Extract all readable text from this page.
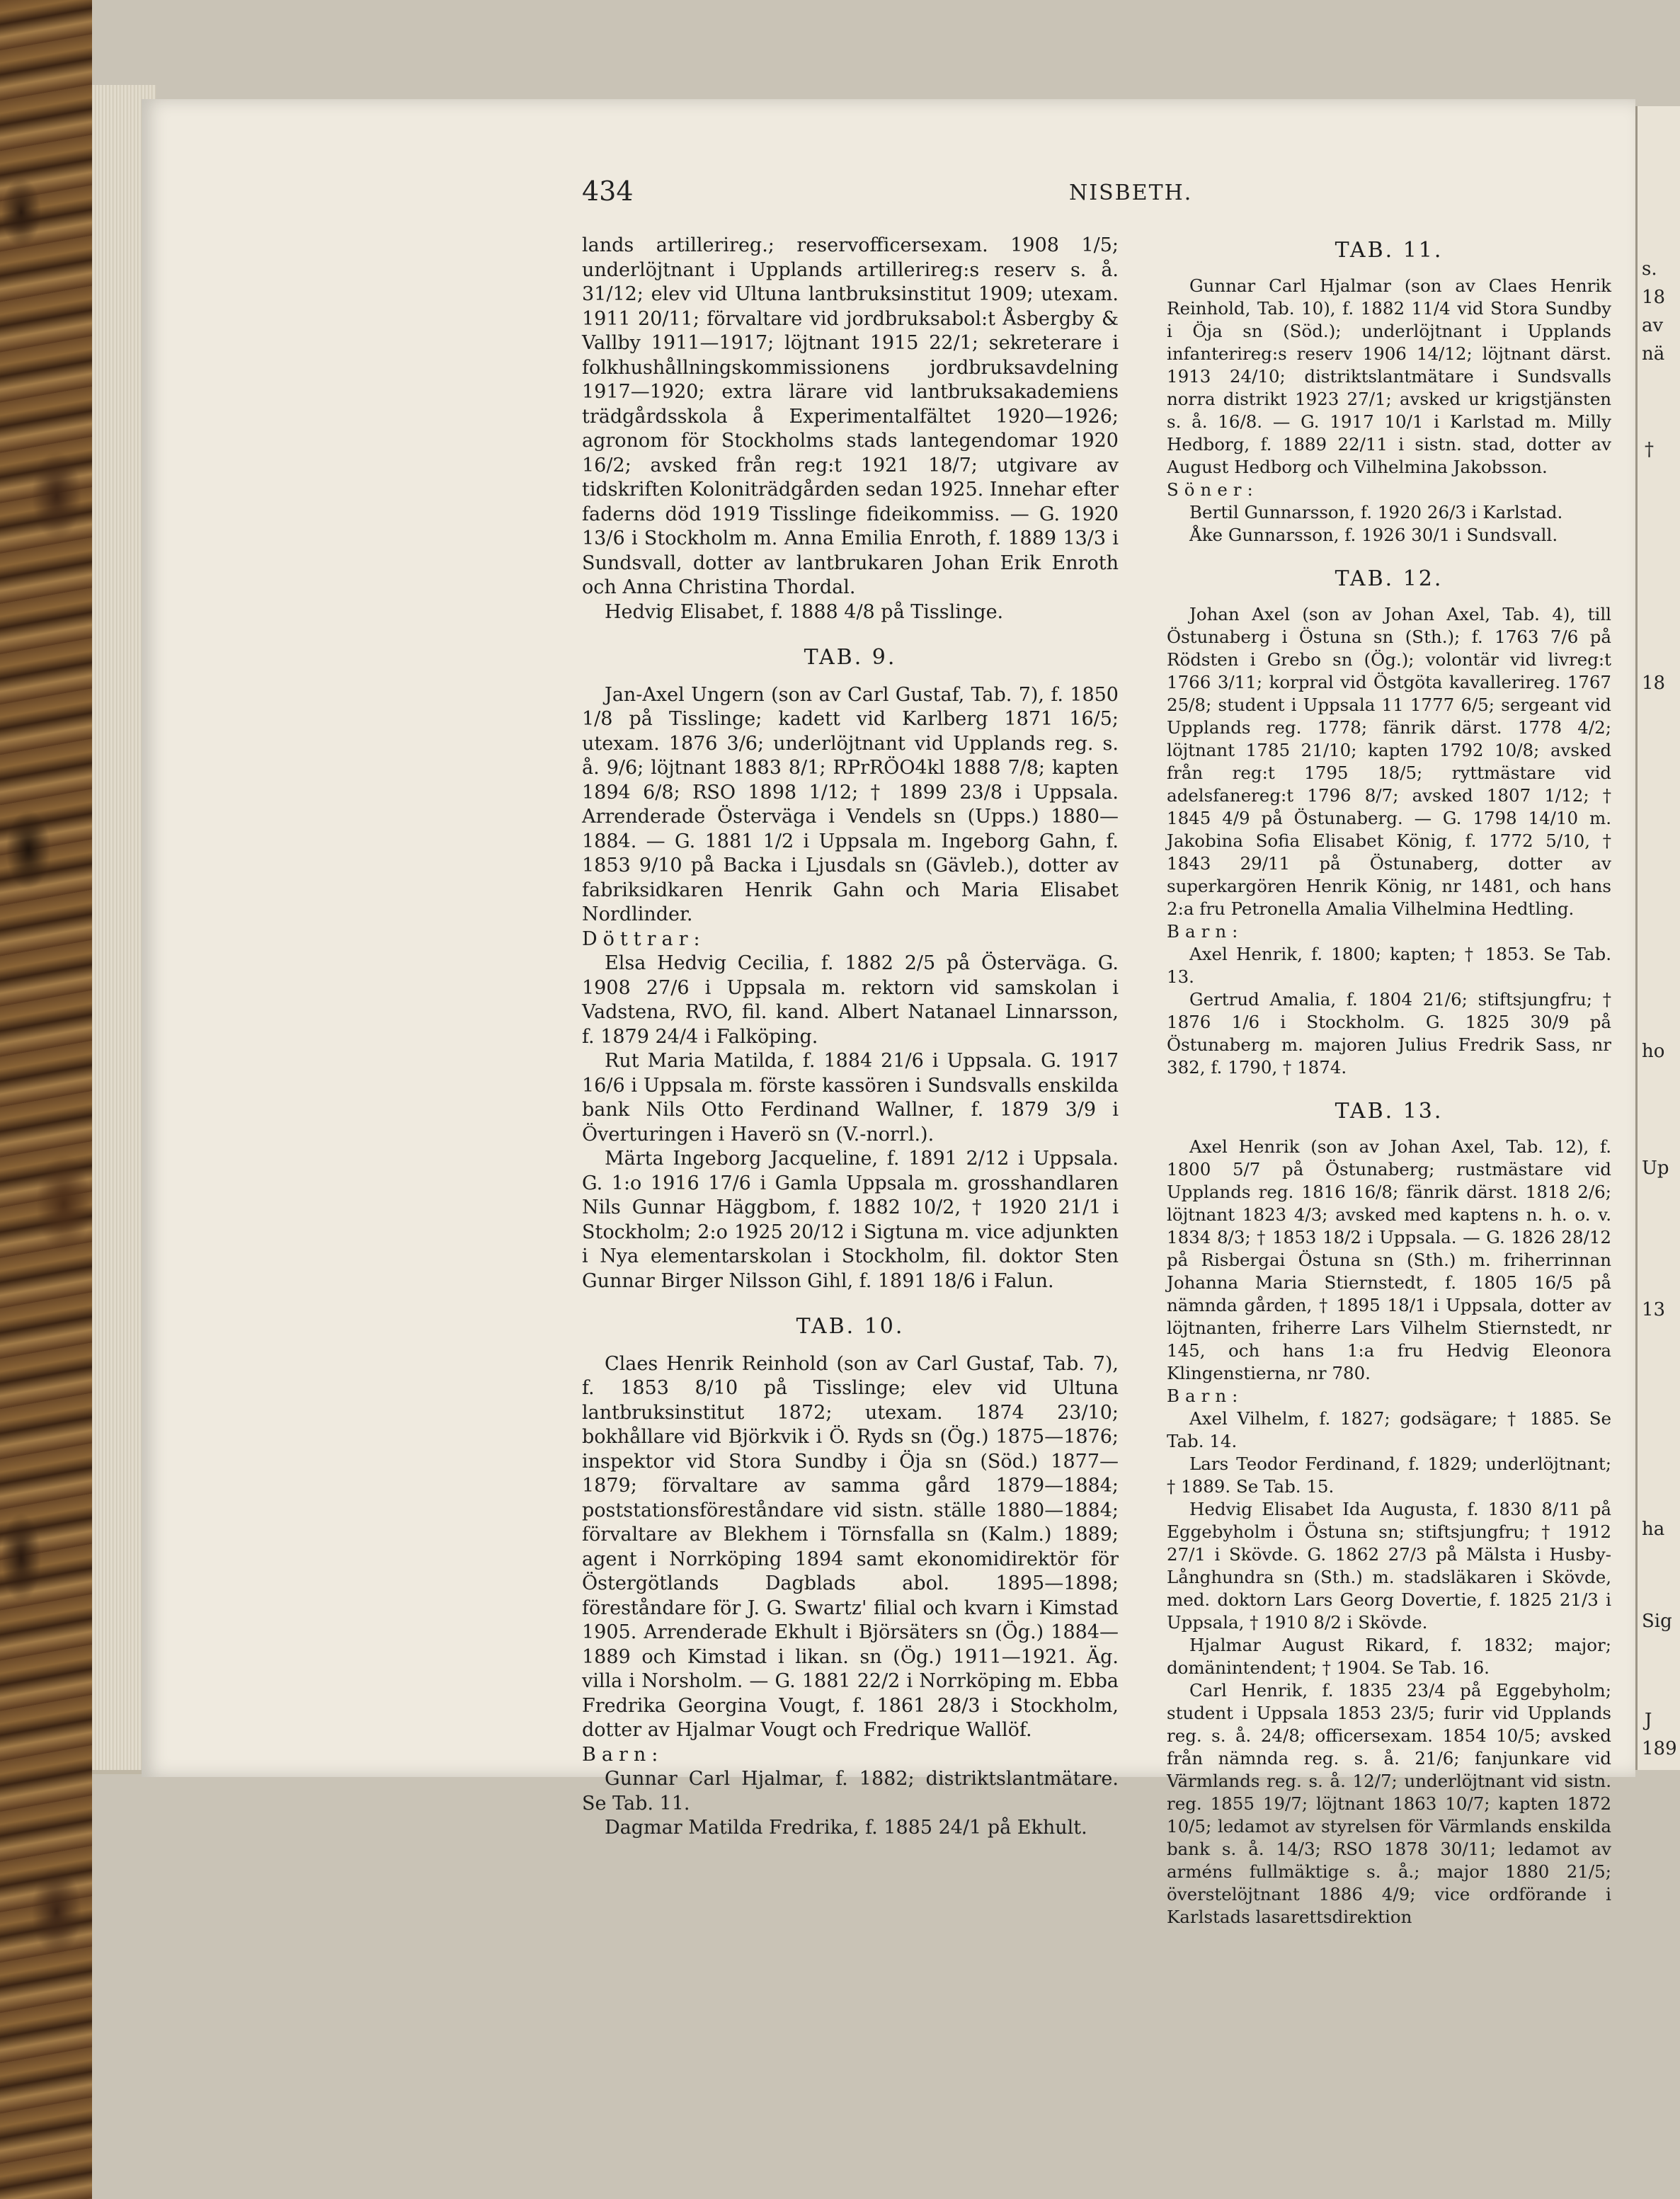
434	NISBETH.

lands artillerireg.; reservofficersexam. 1908 1/5; underlöjtnant i Upplands artillerireg:s reserv s. å. 31/12; elev vid Ultuna lantbruksinstitut 1909; utexam. 1911 20/11; förvaltare vid jordbruksabol:t Åsbergby & Vallby 1911—1917; löjtnant 1915 22/1; sekreterare i folkhushållningskommissionens jordbruksavdelning 1917—1920; extra lärare vid lantbruksakademiens trädgårdsskola å Experimentalfältet 1920—1926; agronom för Stockholms stads lantegendomar 1920 16/2; avsked från reg:t 1921 18/7; utgivare av tidskriften Koloniträdgården sedan 1925. Innehar efter faderns död 1919 Tisslinge fideikommiss. — G. 1920 13/6 i Stockholm m. Anna Emilia Enroth, f. 1889 13/3 i Sundsvall, dotter av lantbrukaren Johan Erik Enroth och Anna Christina Thordal.

Hedvig Elisabet, f. 1888 4/8 på Tisslinge.

TAB. 9.

Jan-Axel Ungern (son av Carl Gustaf, Tab. 7), f. 1850 1/8 på Tisslinge; kadett vid Karlberg 1871 16/5; utexam. 1876 3/6; underlöjtnant vid Upplands reg. s. å. 9/6; löjtnant 1883 8/1; RPrRÖO4kl 1888 7/8; kapten 1894 6/8; RSO 1898 1/12; † 1899 23/8 i Uppsala. Arrenderade Österväga i Vendels sn (Upps.) 1880—1884. — G. 1881 1/2 i Uppsala m. Ingeborg Gahn, f. 1853 9/10 på Backa i Ljusdals sn (Gävleb.), dotter av fabriksidkaren Henrik Gahn och Maria Elisabet Nordlinder.

Döttrar:

Elsa Hedvig Cecilia, f. 1882 2/5 på Österväga. G. 1908 27/6 i Uppsala m. rektorn vid samskolan i Vadstena, RVO, fil. kand. Albert Natanael Linnarsson, f. 1879 24/4 i Falköping.

Rut Maria Matilda, f. 1884 21/6 i Uppsala. G. 1917 16/6 i Uppsala m. förste kassören i Sundsvalls enskilda bank Nils Otto Ferdinand Wallner, f. 1879 3/9 i Överturingen i Haverö sn (V.-norrl.).

Märta Ingeborg Jacqueline, f. 1891 2/12 i Uppsala. G. 1:o 1916 17/6 i Gamla Uppsala m. grosshandlaren Nils Gunnar Häggbom, f. 1882 10/2, † 1920 21/1 i Stockholm; 2:o 1925 20/12 i Sigtuna m. vice adjunkten i Nya elementarskolan i Stockholm, fil. doktor Sten Gunnar Birger Nilsson Gihl, f. 1891 18/6 i Falun.

TAB. 10.

Claes Henrik Reinhold (son av Carl Gustaf, Tab. 7), f. 1853 8/10 på Tisslinge; elev vid Ultuna lantbruksinstitut 1872; utexam. 1874 23/10; bokhållare vid Björkvik i Ö. Ryds sn (Ög.) 1875—1876; inspektor vid Stora Sundby i Öja sn (Söd.) 1877—1879; förvaltare av samma gård 1879—1884; poststationsföreståndare vid sistn. ställe 1880—1884; förvaltare av Blekhem i Törnsfalla sn (Kalm.) 1889; agent i Norrköping 1894 samt ekonomidirektör för Östergötlands Dagblads abol. 1895—1898; föreståndare för J. G. Swartz' filial och kvarn i Kimstad 1905. Arrenderade Ekhult i Björsäters sn (Ög.) 1884—1889 och Kimstad i likan. sn (Ög.) 1911—1921. Äg. villa i Norsholm. — G. 1881 22/2 i Norrköping m. Ebba Fredrika Georgina Vougt, f. 1861 28/3 i Stockholm, dotter av Hjalmar Vougt och Fredrique Wallöf.

Barn:

Gunnar Carl Hjalmar, f. 1882; distriktslantmätare. Se Tab. 11.

Dagmar Matilda Fredrika, f. 1885 24/1 på Ekhult.

TAB. 11.

Gunnar Carl Hjalmar (son av Claes Henrik Reinhold, Tab. 10), f. 1882 11/4 vid Stora Sundby i Öja sn (Söd.); underlöjtnant i Upplands infanterireg:s reserv 1906 14/12; löjtnant därst. 1913 24/10; distriktslantmätare i Sundsvalls norra distrikt 1923 27/1; avsked ur krigstjänsten s. å. 16/8. — G. 1917 10/1 i Karlstad m. Milly Hedborg, f. 1889 22/11 i sistn. stad, dotter av August Hedborg och Vilhelmina Jakobsson.

Söner:

Bertil Gunnarsson, f. 1920 26/3 i Karlstad.

Åke Gunnarsson, f. 1926 30/1 i Sundsvall.

TAB. 12.

Johan Axel (son av Johan Axel, Tab. 4), till Östunaberg i Östuna sn (Sth.); f. 1763 7/6 på Rödsten i Grebo sn (Ög.); volontär vid livreg:t 1766 3/11; korpral vid Östgöta kavallerireg. 1767 25/8; student i Uppsala 11 1777 6/5; sergeant vid Upplands reg. 1778; fänrik därst. 1778 4/2; löjtnant 1785 21/10; kapten 1792 10/8; avsked från reg:t 1795 18/5; ryttmästare vid adelsfanereg:t 1796 8/7; avsked 1807 1/12; † 1845 4/9 på Östunaberg. — G. 1798 14/10 m. Jakobina Sofia Elisabet König, f. 1772 5/10, † 1843 29/11 på Östunaberg, dotter av superkargören Henrik König, nr 1481, och hans 2:a fru Petronella Amalia Vilhelmina Hedtling.

Barn:

Axel Henrik, f. 1800; kapten; † 1853. Se Tab. 13.

Gertrud Amalia, f. 1804 21/6; stiftsjungfru; † 1876 1/6 i Stockholm. G. 1825 30/9 på Östunaberg m. majoren Julius Fredrik Sass, nr 382, f. 1790, † 1874.

TAB. 13.

Axel Henrik (son av Johan Axel, Tab. 12), f. 1800 5/7 på Östunaberg; rustmästare vid Upplands reg. 1816 16/8; fänrik därst. 1818 2/6; löjtnant 1823 4/3; avsked med kaptens n. h. o. v. 1834 8/3; † 1853 18/2 i Uppsala. — G. 1826 28/12 på Risbergai Östuna sn (Sth.) m. friherrinnan Johanna Maria Stiernstedt, f. 1805 16/5 på nämnda gården, † 1895 18/1 i Uppsala, dotter av löjtnanten, friherre Lars Vilhelm Stiernstedt, nr 145, och hans 1:a fru Hedvig Eleonora Klingenstierna, nr 780.

Barn:

Axel Vilhelm, f. 1827; godsägare; † 1885. Se Tab. 14.

Lars Teodor Ferdinand, f. 1829; underlöjtnant; † 1889. Se Tab. 15.

Hedvig Elisabet Ida Augusta, f. 1830 8/11 på Eggebyholm i Östuna sn; stiftsjungfru; † 1912 27/1 i Skövde. G. 1862 27/3 på Mälsta i Husby-Långhundra sn (Sth.) m. stadsläkaren i Skövde, med. doktorn Lars Georg Dovertie, f. 1825 21/3 i Uppsala, † 1910 8/2 i Skövde.

Hjalmar August Rikard, f. 1832; major; domänintendent; † 1904. Se Tab. 16.

Carl Henrik, f. 1835 23/4 på Eggebyholm; student i Uppsala 1853 23/5; furir vid Upplands reg. s. å. 24/8; officersexam. 1854 10/5; avsked från nämnda reg. s. å. 21/6; fanjunkare vid Värmlands reg. s. å. 12/7; underlöjtnant vid sistn. reg. 1855 19/7; löjtnant 1863 10/7; kapten 1872 10/5; ledamot av styrelsen för Värmlands enskilda bank s. å. 14/3; RSO 1878 30/11; ledamot av arméns fullmäktige s. å.; major 1880 21/5; överstelöjtnant 1886 4/9; vice ordförande i Karlstads lasarettsdirektion

s.
18
av
nä
†
18
Up
ho
13
ha
Sig
J
189
